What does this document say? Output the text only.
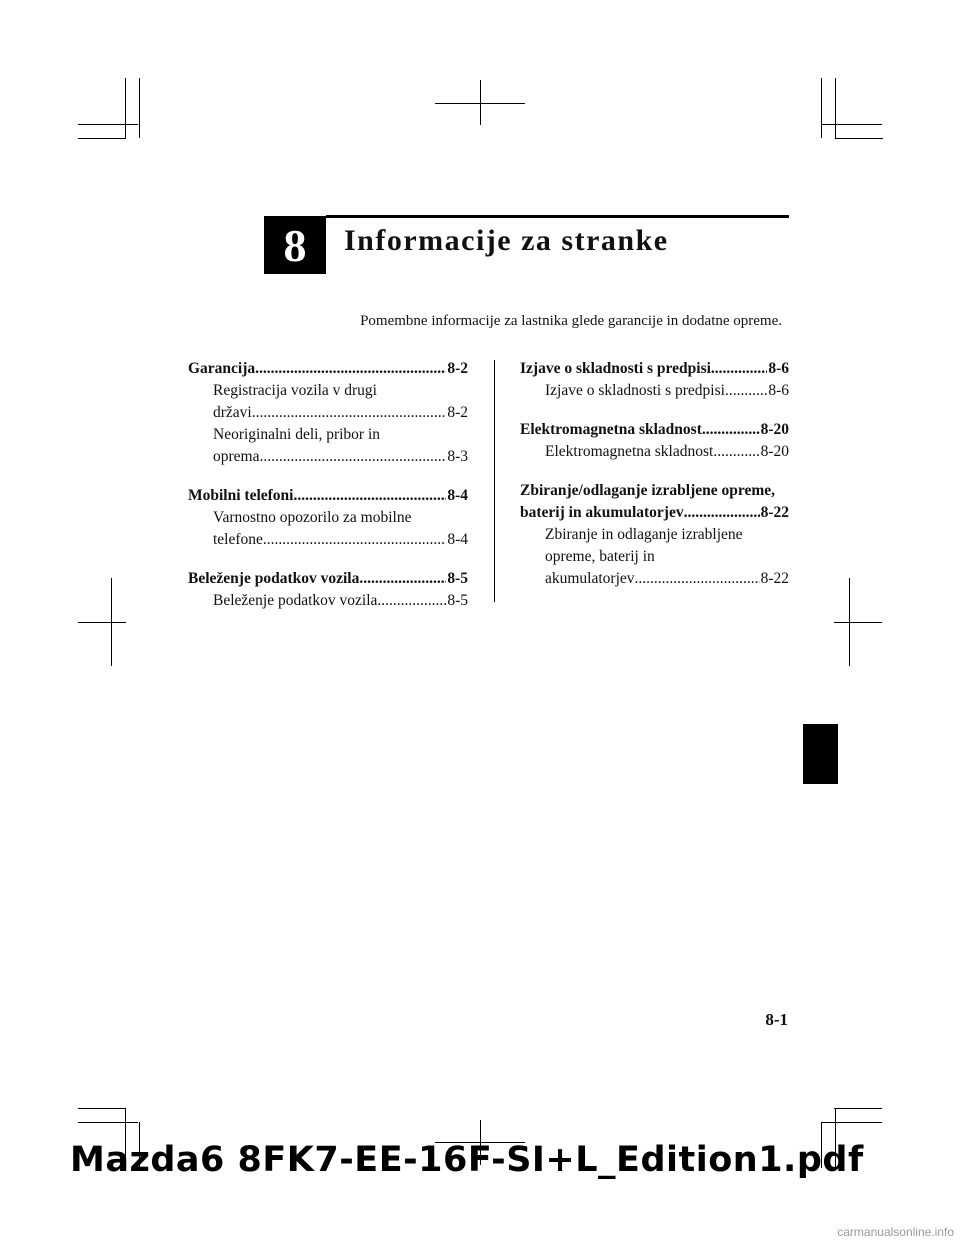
8 Informacije za stranke
Pomembne informacije za lastnika glede garancije in dodatne opreme.
Garancija .....	8-2
Registracija vozila v drugi
državi .....	8-2
Neoriginalni deli, pribor in
oprema .....	8-3
Mobilni telefoni .....	8-4
Varnostno opozorilo za mobilne
telefone .....	8-4
Beleženje podatkov vozila .....	8-5
Beleženje podatkov vozila .....	8-5
Izjave o skladnosti s predpisi .....	8-6
Izjave o skladnosti s predpisi .....	8-6
Elektromagnetna skladnost .....	8-20
Elektromagnetna skladnost .....	8-20
Zbiranje/odlaganje izrabljene opreme,
baterij in akumulatorjev .....	8-22
Zbiranje in odlaganje izrabljene
opreme, baterij in
akumulatorjev .....	8-22
8-1
Mazda6 8FK7-EE-16F-SI+L_Edition1.pdf
carmanualsonline.info
